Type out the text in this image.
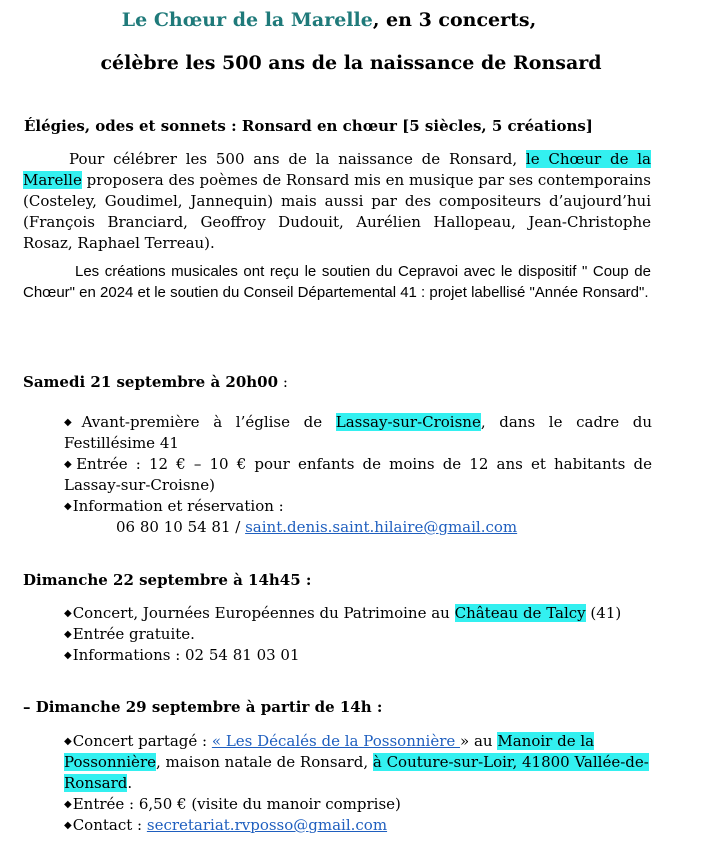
Le Chœur de la Marelle, en 3 concerts,
célèbre les 500 ans de la naissance de Ronsard
Élégies, odes et sonnets : Ronsard en chœur [5 siècles, 5 créations]
Pour célébrer les 500 ans de la naissance de Ronsard, le Chœur de la Marelle proposera des poèmes de Ronsard mis en musique par ses contemporains (Costeley, Goudimel, Jannequin) mais aussi par des compositeurs d’aujourd’hui (François Branciard, Geoffroy Dudouit, Aurélien Hallopeau, Jean-Christophe Rosaz, Raphael Terreau).
Les créations musicales ont reçu le soutien du Cepravoi avec le dispositif " Coup de Chœur" en 2024 et le soutien du Conseil Départemental 41 : projet labellisé "Année Ronsard".
Samedi 21 septembre à 20h00 :
◆Avant-première à l’église de Lassay-sur-Croisne, dans le cadre du Festillésime 41
◆Entrée : 12 € – 10 € pour enfants de moins de 12 ans et habitants de Lassay-sur-Croisne)
◆Information et réservation :
06 80 10 54 81 / saint.denis.saint.hilaire@gmail.com
Dimanche 22 septembre à 14h45 :
◆Concert, Journées Européennes du Patrimoine au Château de Talcy (41)
◆Entrée gratuite.
◆Informations : 02 54 81 03 01
– Dimanche 29 septembre à partir de 14h :
◆Concert partagé : « Les Décalés de la Possonnière » au Manoir de la Possonnière, maison natale de Ronsard, à Couture-sur-Loir, 41800 Vallée-de-Ronsard.
◆Entrée : 6,50 € (visite du manoir comprise)
◆Contact : secretariat.rvposso@gmail.com
